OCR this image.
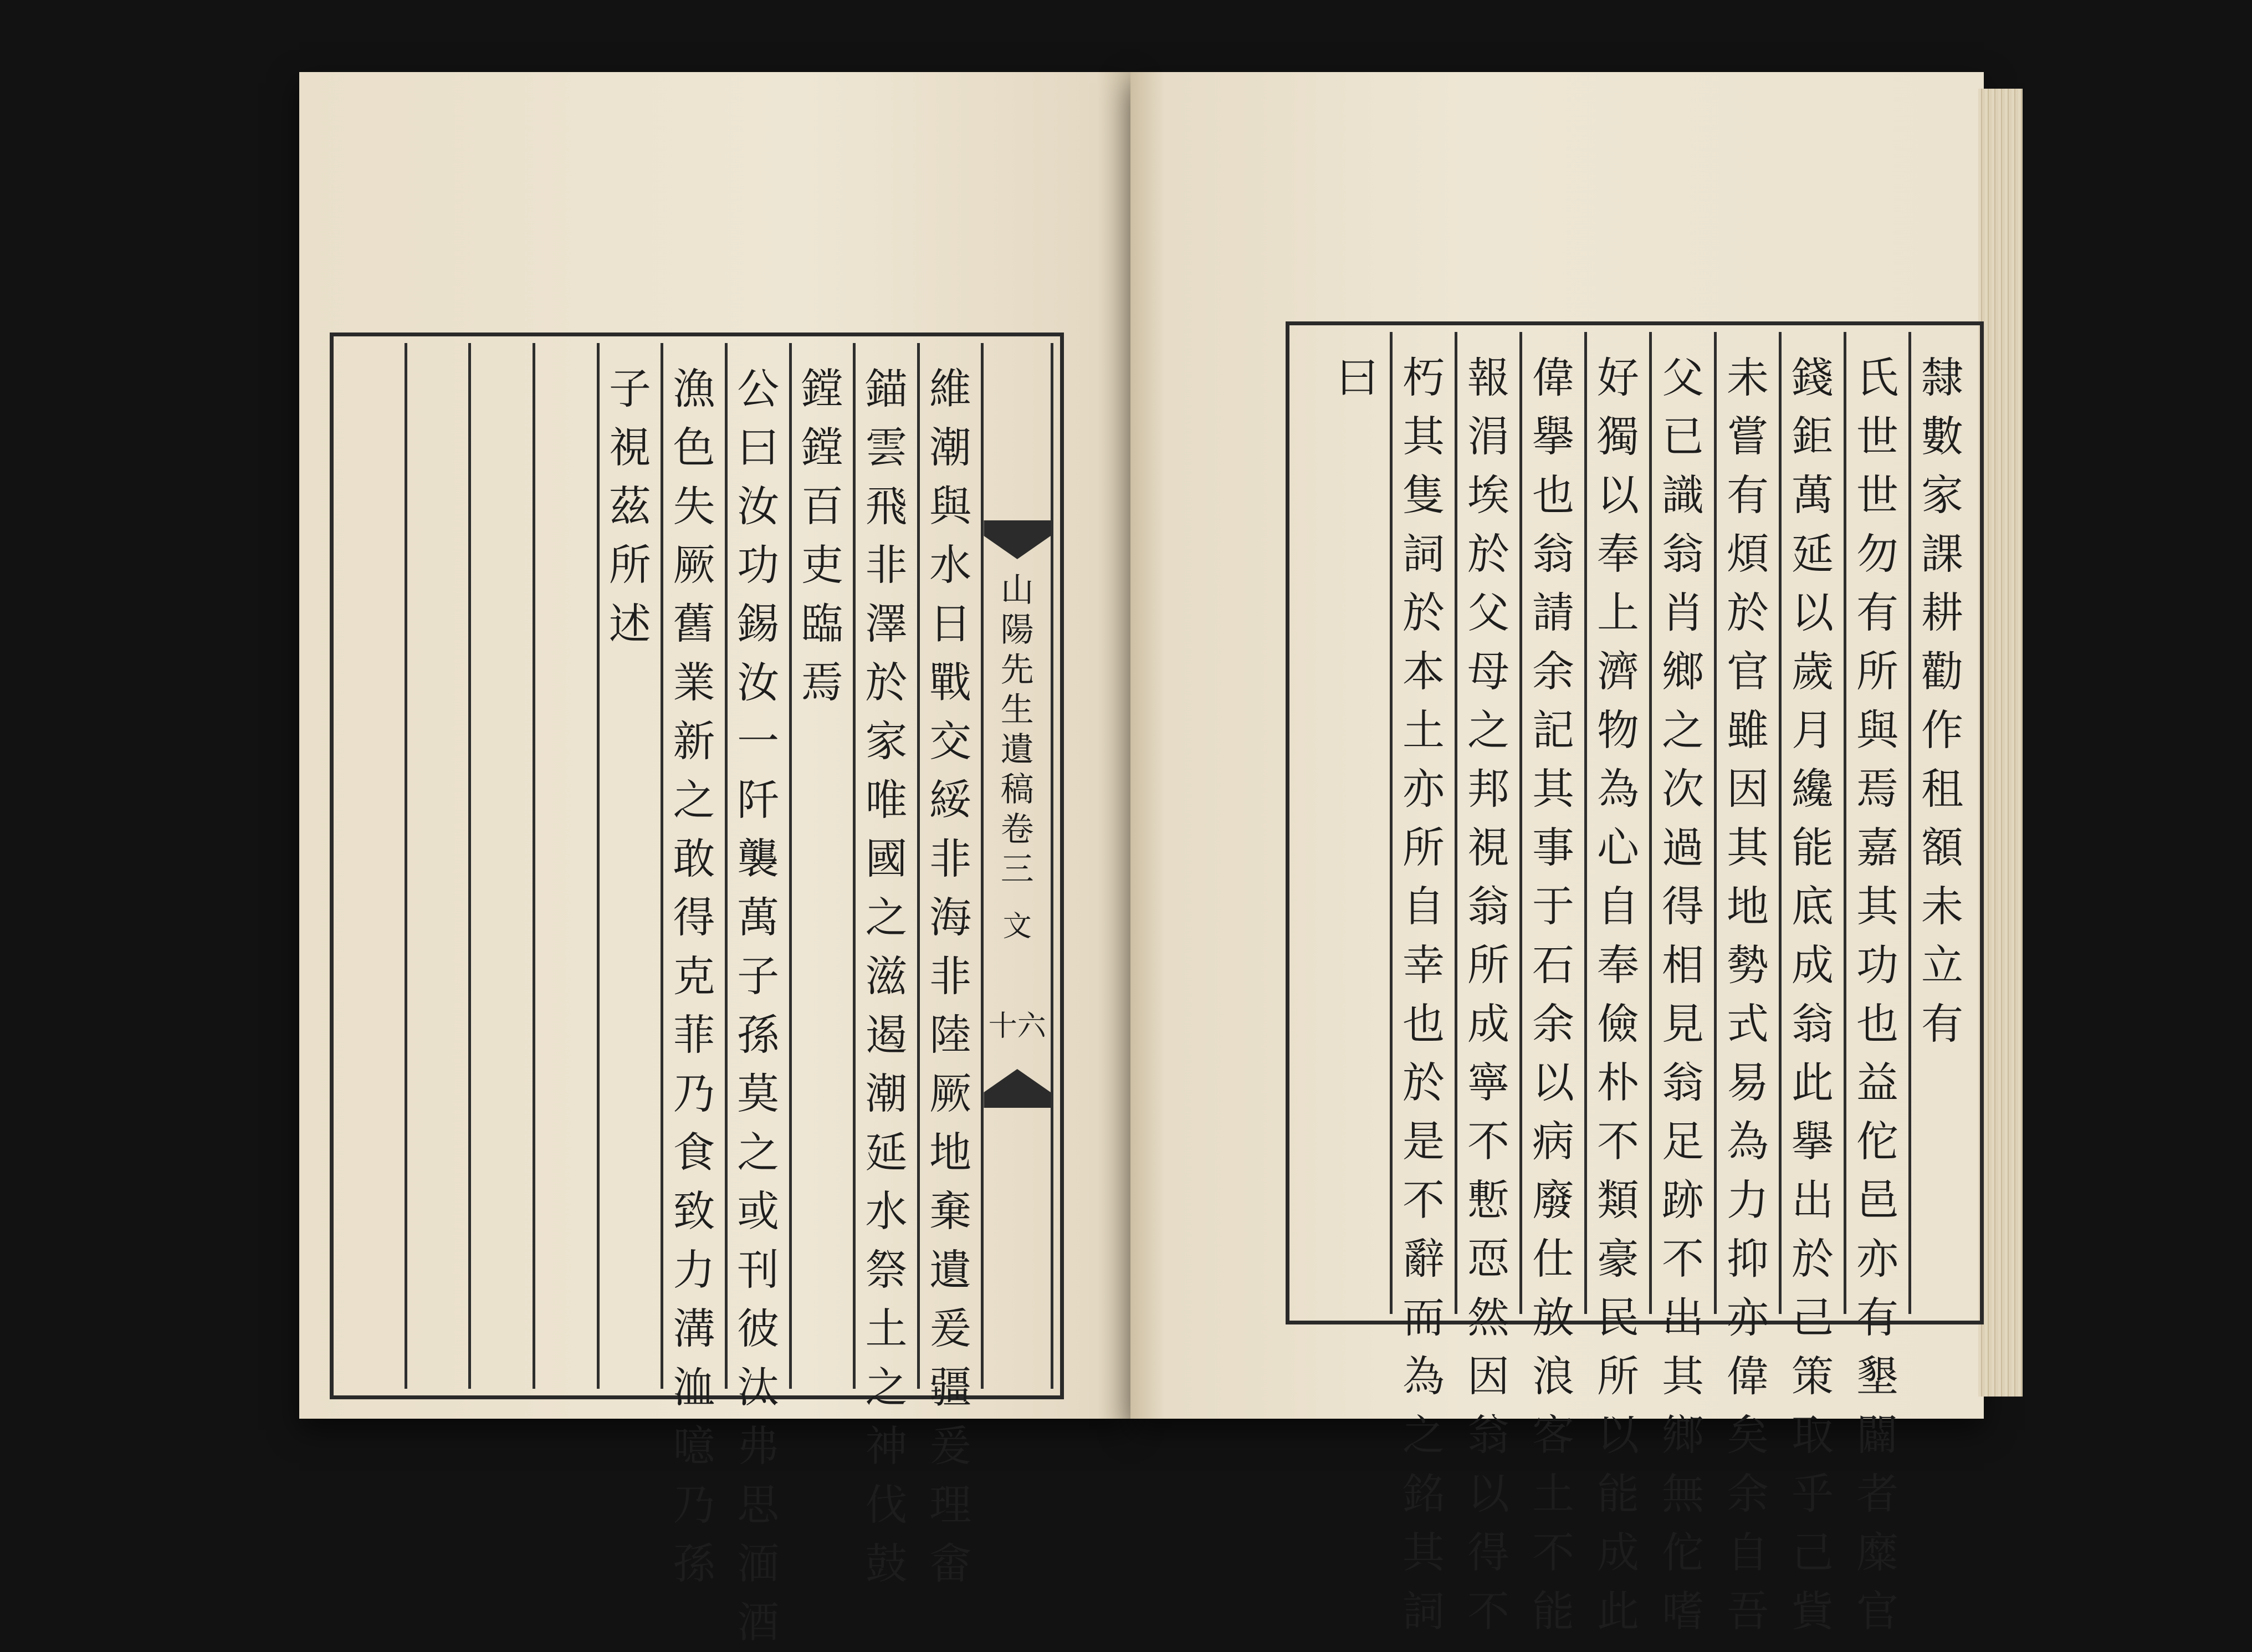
山
陽
先
生
遺
稿
卷
三
文
十六
維
潮
與
水
日
戰
交
綏
非
海
非
陸
厥
地
棄
遺
爰
疆
爰
理
畲
錨
雲
飛
非
澤
於
家
唯
國
之
滋
遏
潮
延
水
祭
土
之
神
伐
鼓
鏜
鏜
百
吏
臨
焉
公
曰
汝
功
錫
汝
一
阡
襲
萬
子
孫
莫
之
或
刊
彼
汰
弗
思
湎
酒
漁
色
失
厥
舊
業
新
之
敢
得
克
菲
乃
食
致
力
溝
洫
噫
乃
孫
子
視
茲
所
述
隸
數
家
課
耕
勸
作
租
額
未
立
有
氏
世
世
勿
有
所
與
焉
嘉
其
功
也
益
佗
邑
亦
有
墾
闢
者
糜
官
錢
鉅
萬
延
以
歲
月
纔
能
底
成
翁
此
擧
出
於
己
策
取
乎
己
貲
未
嘗
有
煩
於
官
雖
因
其
地
勢
式
易
為
力
抑
亦
偉
矣
余
自
吾
父
已
識
翁
肖
鄉
之
次
過
得
相
見
翁
足
跡
不
出
其
鄉
無
佗
嗜
好
獨
以
奉
上
濟
物
為
心
自
奉
儉
朴
不
類
豪
民
所
以
能
成
此
偉
擧
也
翁
請
余
記
其
事
于
石
余
以
病
廢
仕
放
浪
客
土
不
能
報
涓
埃
於
父
母
之
邦
視
翁
所
成
寧
不
慙
恧
然
因
翁
以
得
不
朽
其
隻
詞
於
本
土
亦
所
自
幸
也
於
是
不
辭
而
為
之
銘
其
詞
曰
